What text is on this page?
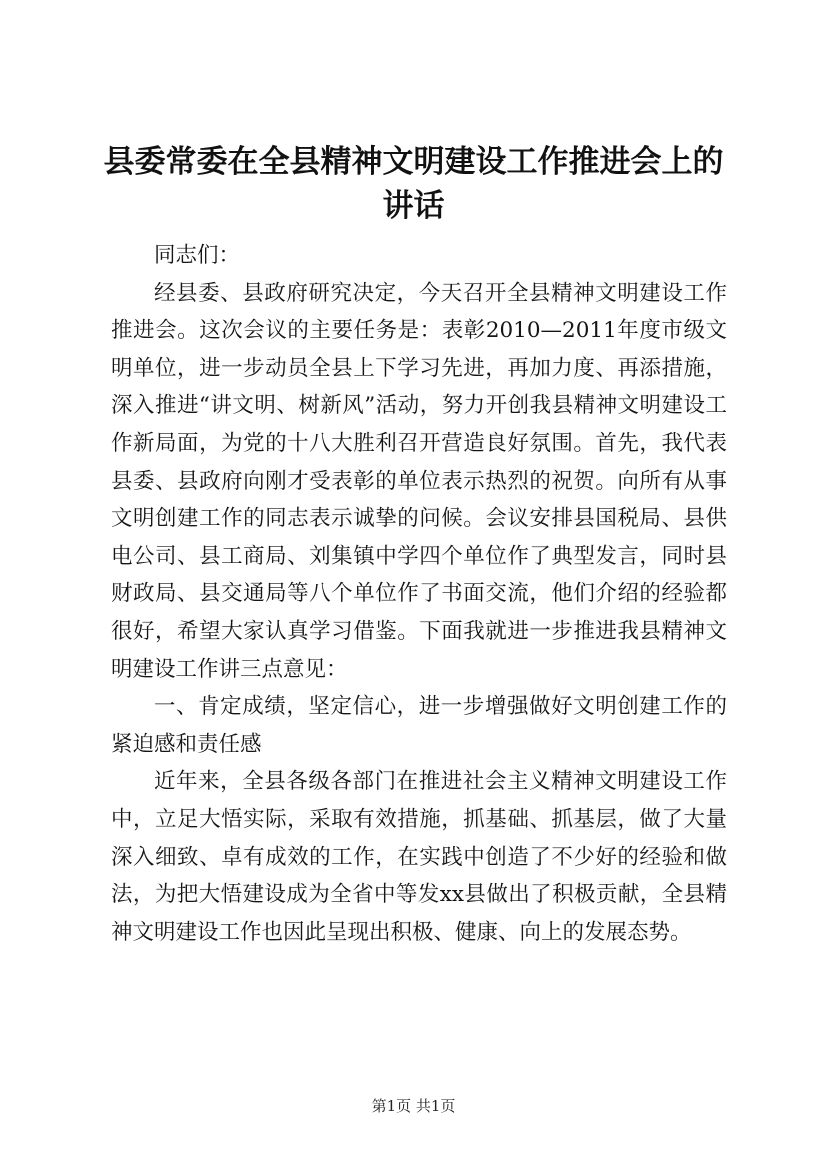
县委常委在全县精神文明建设工作推进会上的讲话

同志们：

经县委、县政府研究决定，今天召开全县精神文明建设工作推进会。这次会议的主要任务是：表彰2010—2011年度市级文明单位，进一步动员全县上下学习先进，再加力度、再添措施，深入推进“讲文明、树新风”活动，努力开创我县精神文明建设工作新局面，为党的十八大胜利召开营造良好氛围。首先，我代表县委、县政府向刚才受表彰的单位表示热烈的祝贺。向所有从事文明创建工作的同志表示诚挚的问候。会议安排县国税局、县供电公司、县工商局、刘集镇中学四个单位作了典型发言，同时县财政局、县交通局等八个单位作了书面交流，他们介绍的经验都很好，希望大家认真学习借鉴。下面我就进一步推进我县精神文明建设工作讲三点意见：

一、肯定成绩，坚定信心，进一步增强做好文明创建工作的紧迫感和责任感

近年来，全县各级各部门在推进社会主义精神文明建设工作中，立足大悟实际，采取有效措施，抓基础、抓基层，做了大量深入细致、卓有成效的工作，在实践中创造了不少好的经验和做法，为把大悟建设成为全省中等发xx县做出了积极贡献，全县精神文明建设工作也因此呈现出积极、健康、向上的发展态势。

第1页 共1页
